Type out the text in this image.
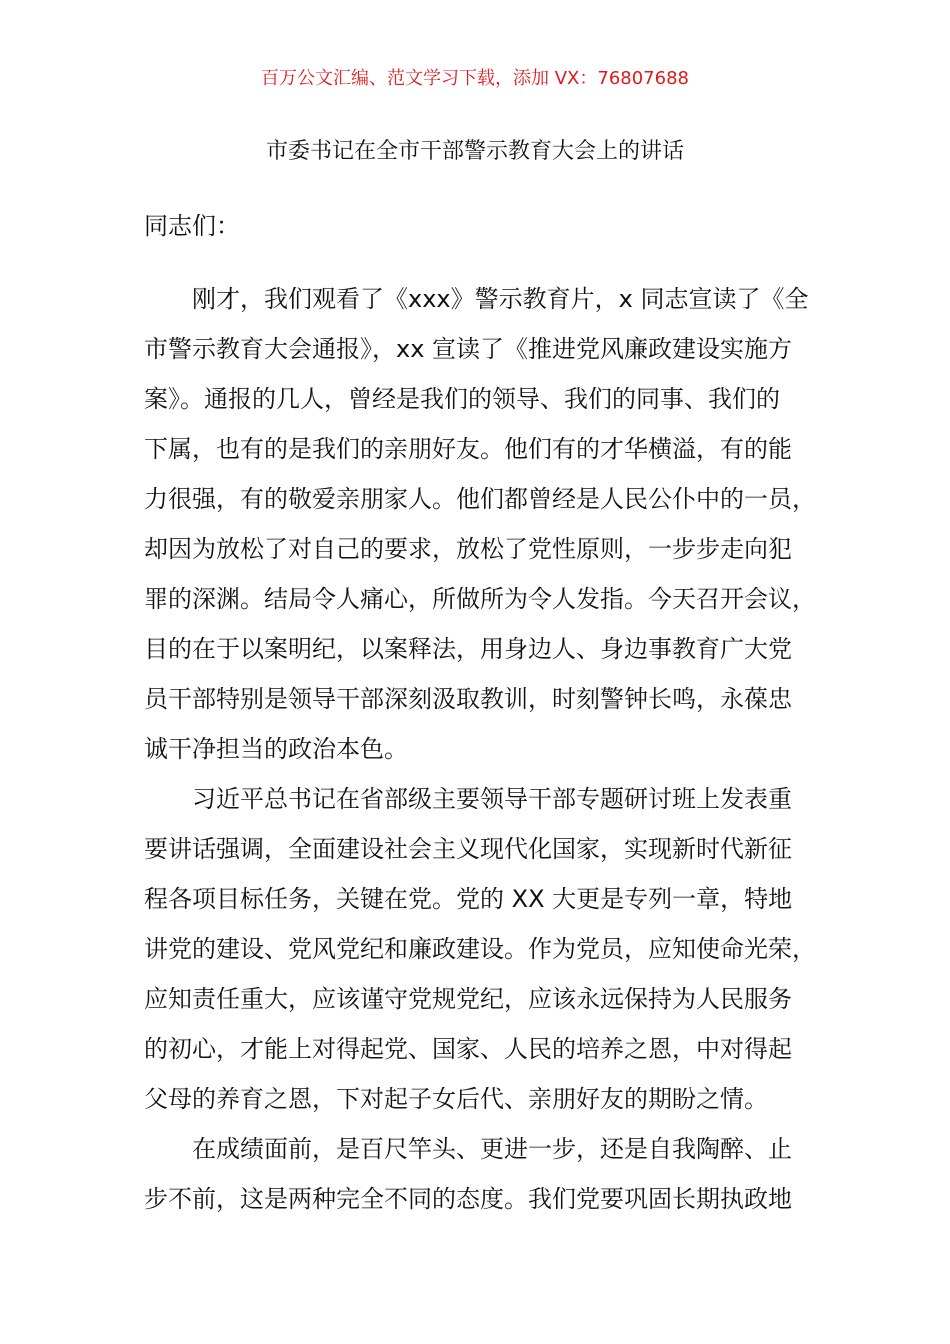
百万公文汇编、范文学习下载，添加 VX：76807688
市委书记在全市干部警示教育大会上的讲话
同志们：
刚才，我们观看了《xxx》警示教育片，x 同志宣读了《全
市警示教育大会通报》，xx 宣读了《推进党风廉政建设实施方
案》。通报的几人，曾经是我们的领导、我们的同事、我们的
下属，也有的是我们的亲朋好友。他们有的才华横溢，有的能
力很强，有的敬爱亲朋家人。他们都曾经是人民公仆中的一员，
却因为放松了对自己的要求，放松了党性原则，一步步走向犯
罪的深渊。结局令人痛心，所做所为令人发指。今天召开会议，
目的在于以案明纪，以案释法，用身边人、身边事教育广大党
员干部特别是领导干部深刻汲取教训，时刻警钟长鸣，永葆忠
诚干净担当的政治本色。
习近平总书记在省部级主要领导干部专题研讨班上发表重
要讲话强调，全面建设社会主义现代化国家，实现新时代新征
程各项目标任务，关键在党。党的 XX 大更是专列一章，特地
讲党的建设、党风党纪和廉政建设。作为党员，应知使命光荣，
应知责任重大，应该谨守党规党纪，应该永远保持为人民服务
的初心，才能上对得起党、国家、人民的培养之恩，中对得起
父母的养育之恩，下对起子女后代、亲朋好友的期盼之情。
在成绩面前，是百尺竿头、更进一步，还是自我陶醉、止
步不前，这是两种完全不同的态度。我们党要巩固长期执政地
